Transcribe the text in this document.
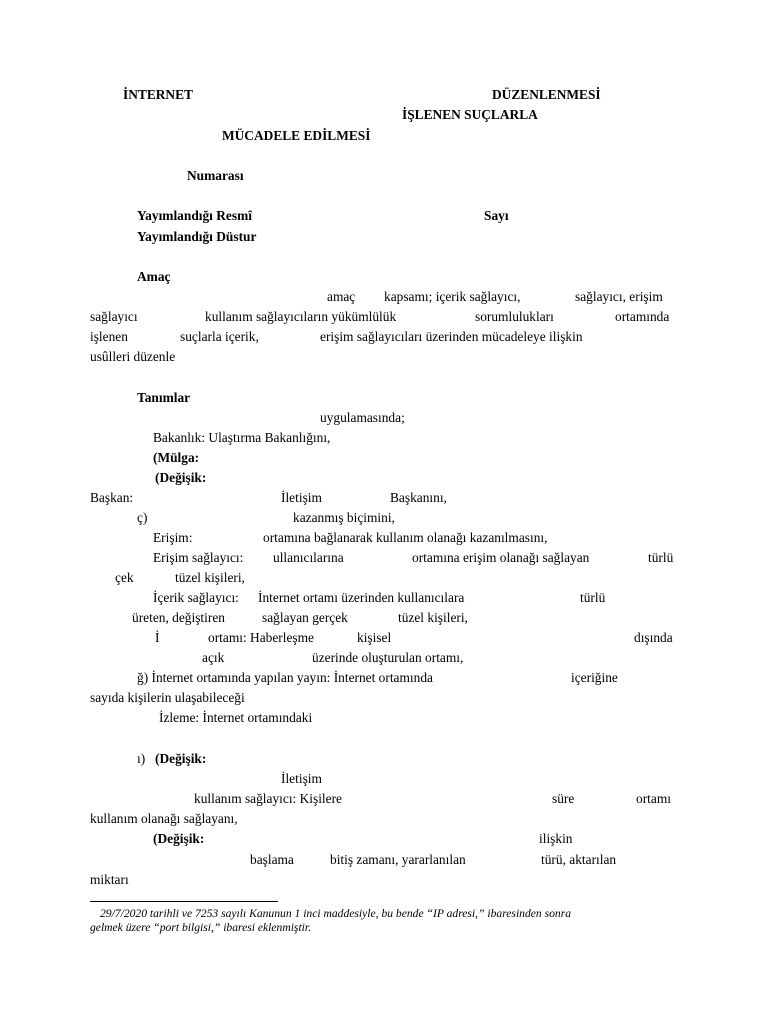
İNTERNET	DÜZENLENMESİ
İŞLENEN SUÇLARLA
MÜCADELE EDİLMESİ
Numarası
Yayımlandığı Resmî	Sayı
Yayımlandığı Düstur
Amaç
amaç kapsamı; içerik sağlayıcı,	sağlayıcı, erişim
sağlayıcı	kullanım sağlayıcıların yükümlülük	sorumlulukları	ortamında
işlenen	suçlarla içerik,	erişim sağlayıcıları üzerinden mücadeleye ilişkin
usûlleri düzenle
Tanımlar
uygulamasında;
Bakanlık: Ulaştırma Bakanlığını,
(Mülga:
(Değişik:
Başkan:	İletişim	Başkanını,
ç)	kazanmış biçimini,
Erişim:	ortamına bağlanarak kullanım olanağı kazanılmasını,
Erişim sağlayıcı: ullanıcılarına	ortamına erişim olanağı sağlayan	türlü
çek	tüzel kişileri,
İçerik sağlayıcı: İnternet ortamı üzerinden kullanıcılara	türlü
üreten, değiştiren	sağlayan gerçek	tüzel kişileri,
İ	ortamı: Haberleşme	kişisel	dışında
açık	üzerinde oluşturulan ortamı,
ğ) İnternet ortamında yapılan yayın: İnternet ortamında	içeriğine
sayıda kişilerin ulaşabileceği
İzleme: İnternet ortamındaki
ı) (Değişik:
İletişim
kullanım sağlayıcı: Kişilere	süre	ortamı
kullanım olanağı sağlayanı,
(Değişik:	ilişkin
başlama	bitiş zamanı, yararlanılan	türü, aktarılan
miktarı
29/7/2020 tarihli ve 7253 sayılı Kanunun 1 inci maddesiyle, bu bende “IP adresi,” ibaresinden sonra
gelmek üzere “port bilgisi,” ibaresi eklenmiştir.
